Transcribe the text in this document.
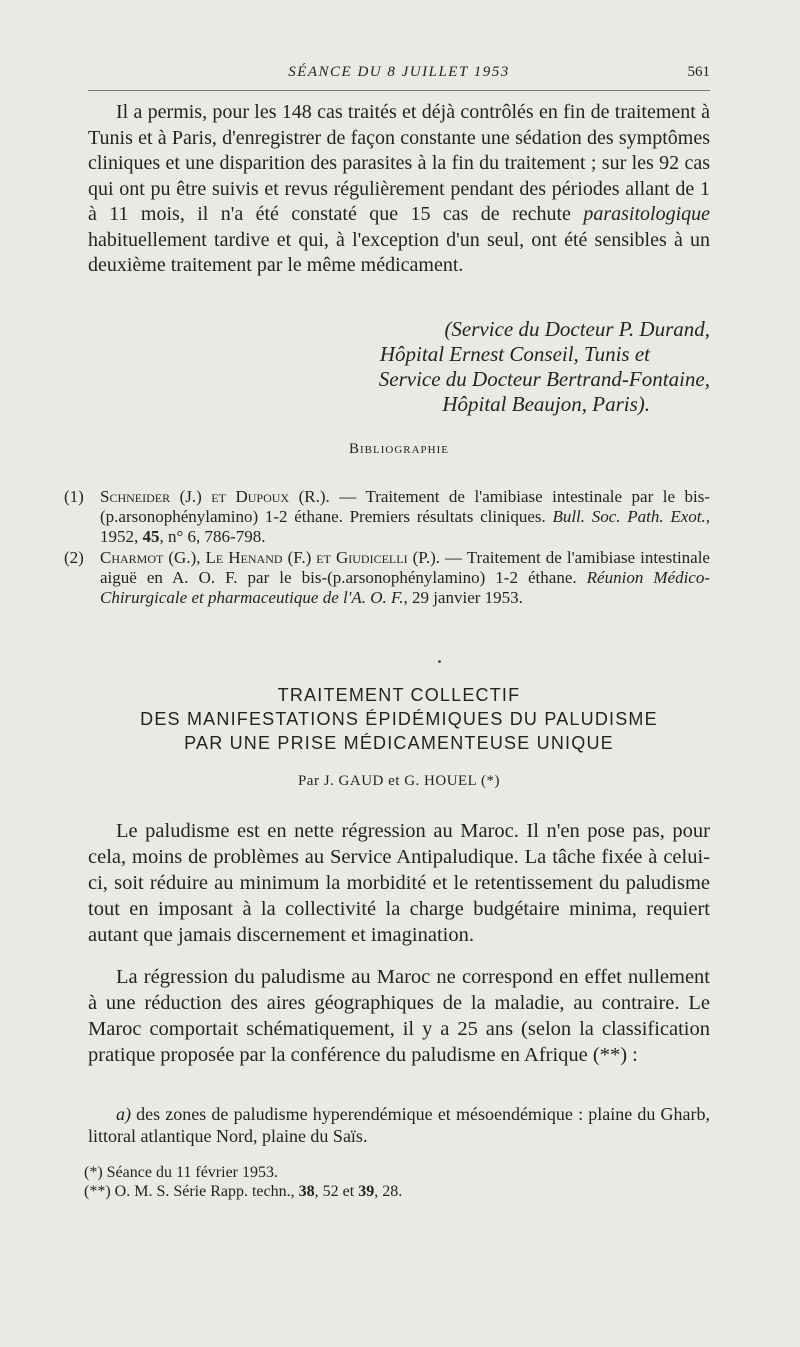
SÉANCE DU 8 JUILLET 1953	561

Il a permis, pour les 148 cas traités et déjà contrôlés en fin de traitement à Tunis et à Paris, d'enregistrer de façon constante une sédation des symptômes cliniques et une disparition des parasites à la fin du traitement ; sur les 92 cas qui ont pu être suivis et revus régulièrement pendant des périodes allant de 1 à 11 mois, il n'a été constaté que 15 cas de rechute parasitologique habituellement tardive et qui, à l'exception d'un seul, ont été sensibles à un deuxième traitement par le même médicament.

(Service du Docteur P. Durand,
Hôpital Ernest Conseil, Tunis et
Service du Docteur Bertrand-Fontaine,
Hôpital Beaujon, Paris).
Bibliographie
(1) Schneider (J.) et Dupoux (R.). — Traitement de l'amibiase intestinale par le bis-(p.arsonophénylamino) 1-2 éthane. Premiers résultats cliniques. Bull. Soc. Path. Exot., 1952, 45, n° 6, 786-798.
(2) Charmot (G.), Le Henand (F.) et Giudicelli (P.). — Traitement de l'amibiase intestinale aiguë en A. O. F. par le bis-(p.arsonophénylamino) 1-2 éthane. Réunion Médico-Chirurgicale et pharmaceutique de l'A. O. F., 29 janvier 1953.
TRAITEMENT COLLECTIF
DES MANIFESTATIONS ÉPIDÉMIQUES DU PALUDISME
PAR UNE PRISE MÉDICAMENTEUSE UNIQUE
Par J. GAUD et G. HOUEL (*)

Le paludisme est en nette régression au Maroc. Il n'en pose pas, pour cela, moins de problèmes au Service Antipaludique. La tâche fixée à celui-ci, soit réduire au minimum la morbidité et le retentissement du paludisme tout en imposant à la collectivité la charge budgétaire minima, requiert autant que jamais discernement et imagination.

La régression du paludisme au Maroc ne correspond en effet nullement à une réduction des aires géographiques de la maladie, au contraire. Le Maroc comportait schématiquement, il y a 25 ans (selon la classification pratique proposée par la conférence du paludisme en Afrique (**) :

a) des zones de paludisme hyperendémique et mésoendémique : plaine du Gharb, littoral atlantique Nord, plaine du Saïs.

(*) Séance du 11 février 1953.
(**) O. M. S. Série Rapp. techn., 38, 52 et 39, 28.
